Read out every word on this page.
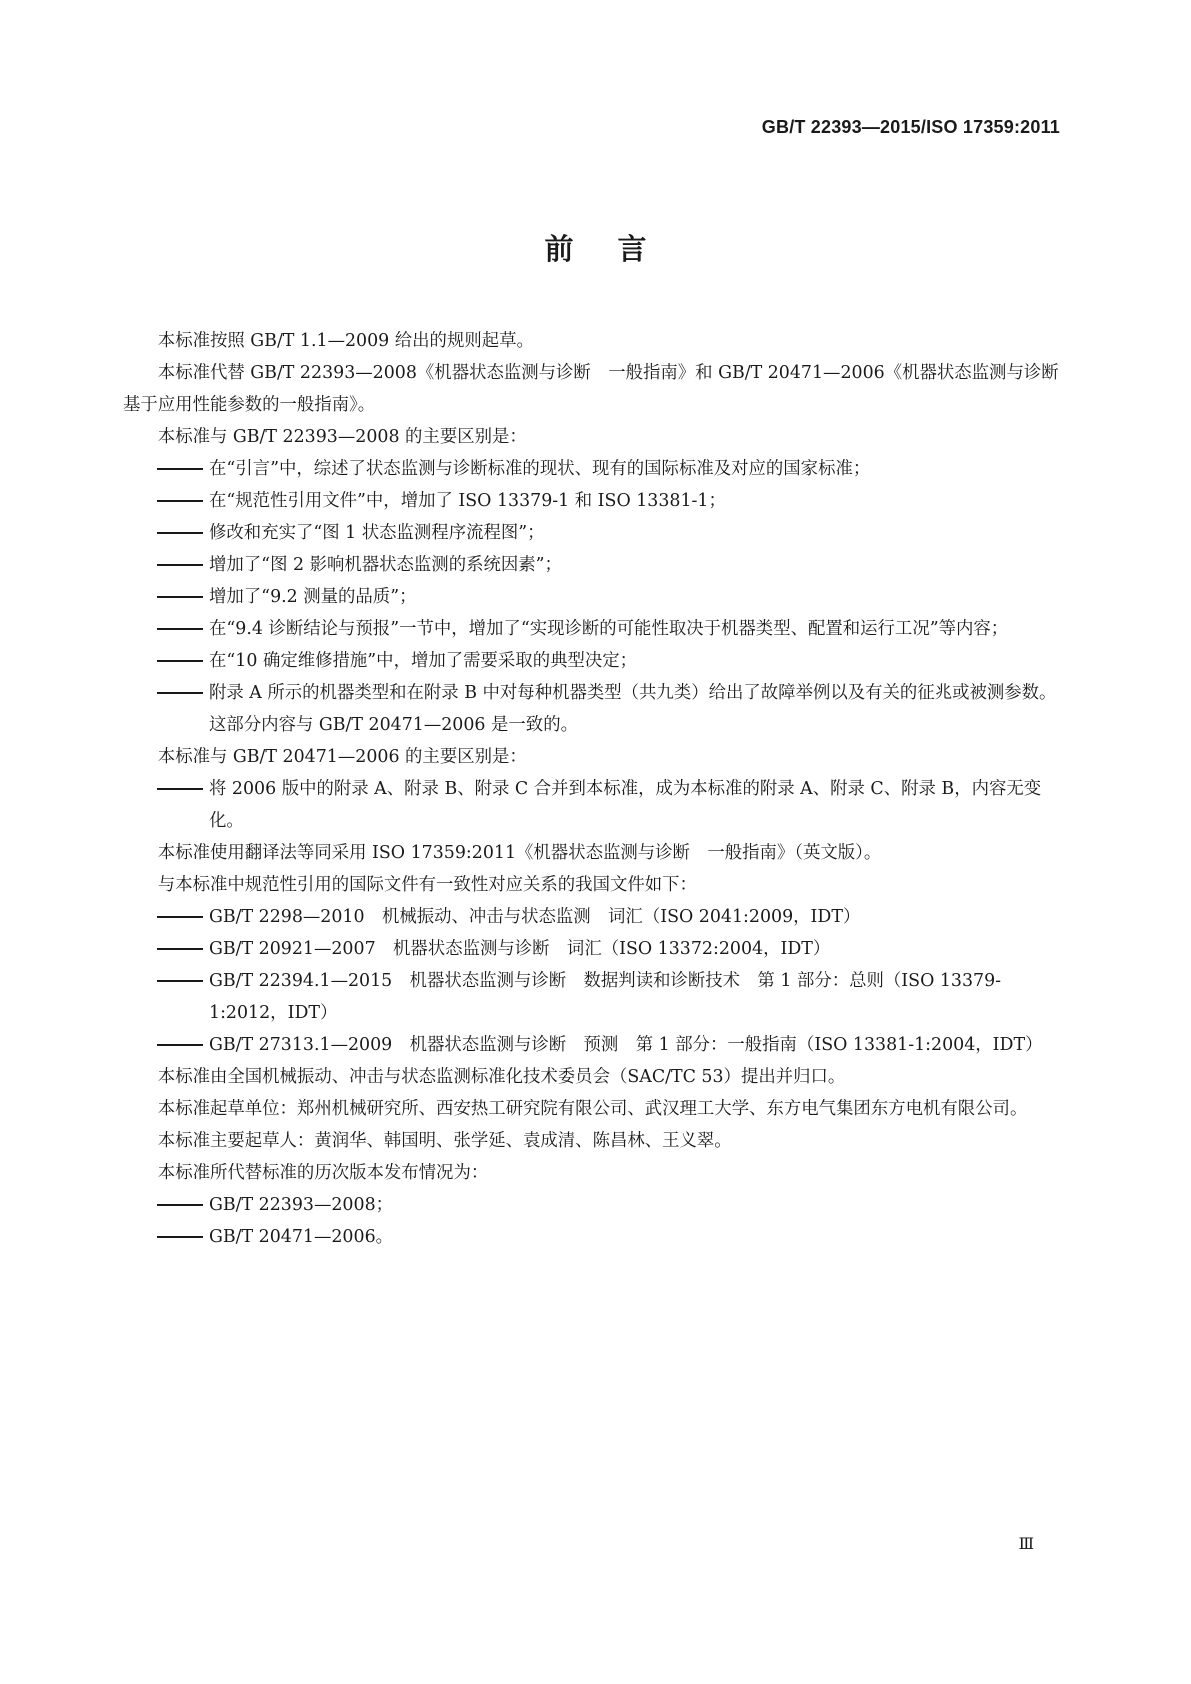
GB/T 22393—2015/ISO 17359:2011
前 言

本标准按照 GB/T 1.1—2009 给出的规则起草。

本标准代替 GB/T 22393—2008《机器状态监测与诊断　一般指南》和 GB/T 20471—2006《机器状态监测与诊断　基于应用性能参数的一般指南》。

本标准与 GB/T 22393—2008 的主要区别是：

在“引言”中，综述了状态监测与诊断标准的现状、现有的国际标准及对应的国家标准；
在“规范性引用文件”中，增加了 ISO 13379-1 和 ISO 13381-1；
修改和充实了“图 1 状态监测程序流程图”；
增加了“图 2 影响机器状态监测的系统因素”；
增加了“9.2 测量的品质”；
在“9.4 诊断结论与预报”一节中，增加了“实现诊断的可能性取决于机器类型、配置和运行工况”等内容；
在“10 确定维修措施”中，增加了需要采取的典型决定；
附录 A 所示的机器类型和在附录 B 中对每种机器类型（共九类）给出了故障举例以及有关的征兆或被测参数。这部分内容与 GB/T 20471—2006 是一致的。

本标准与 GB/T 20471—2006 的主要区别是：

将 2006 版中的附录 A、附录 B、附录 C 合并到本标准，成为本标准的附录 A、附录 C、附录 B，内容无变化。

本标准使用翻译法等同采用 ISO 17359:2011《机器状态监测与诊断　一般指南》（英文版）。

与本标准中规范性引用的国际文件有一致性对应关系的我国文件如下：

GB/T 2298—2010　机械振动、冲击与状态监测　词汇（ISO 2041:2009，IDT）
GB/T 20921—2007　机器状态监测与诊断　词汇（ISO 13372:2004，IDT）
GB/T 22394.1—2015　机器状态监测与诊断　数据判读和诊断技术　第 1 部分：总则（ISO 13379-1:2012，IDT）
GB/T 27313.1—2009　机器状态监测与诊断　预测　第 1 部分：一般指南（ISO 13381-1:2004，IDT）

本标准由全国机械振动、冲击与状态监测标准化技术委员会（SAC/TC 53）提出并归口。

本标准起草单位：郑州机械研究所、西安热工研究院有限公司、武汉理工大学、东方电气集团东方电机有限公司。

本标准主要起草人：黄润华、韩国明、张学延、袁成清、陈昌林、王义翠。

本标准所代替标准的历次版本发布情况为：

GB/T 22393—2008；
GB/T 20471—2006。
Ⅲ
